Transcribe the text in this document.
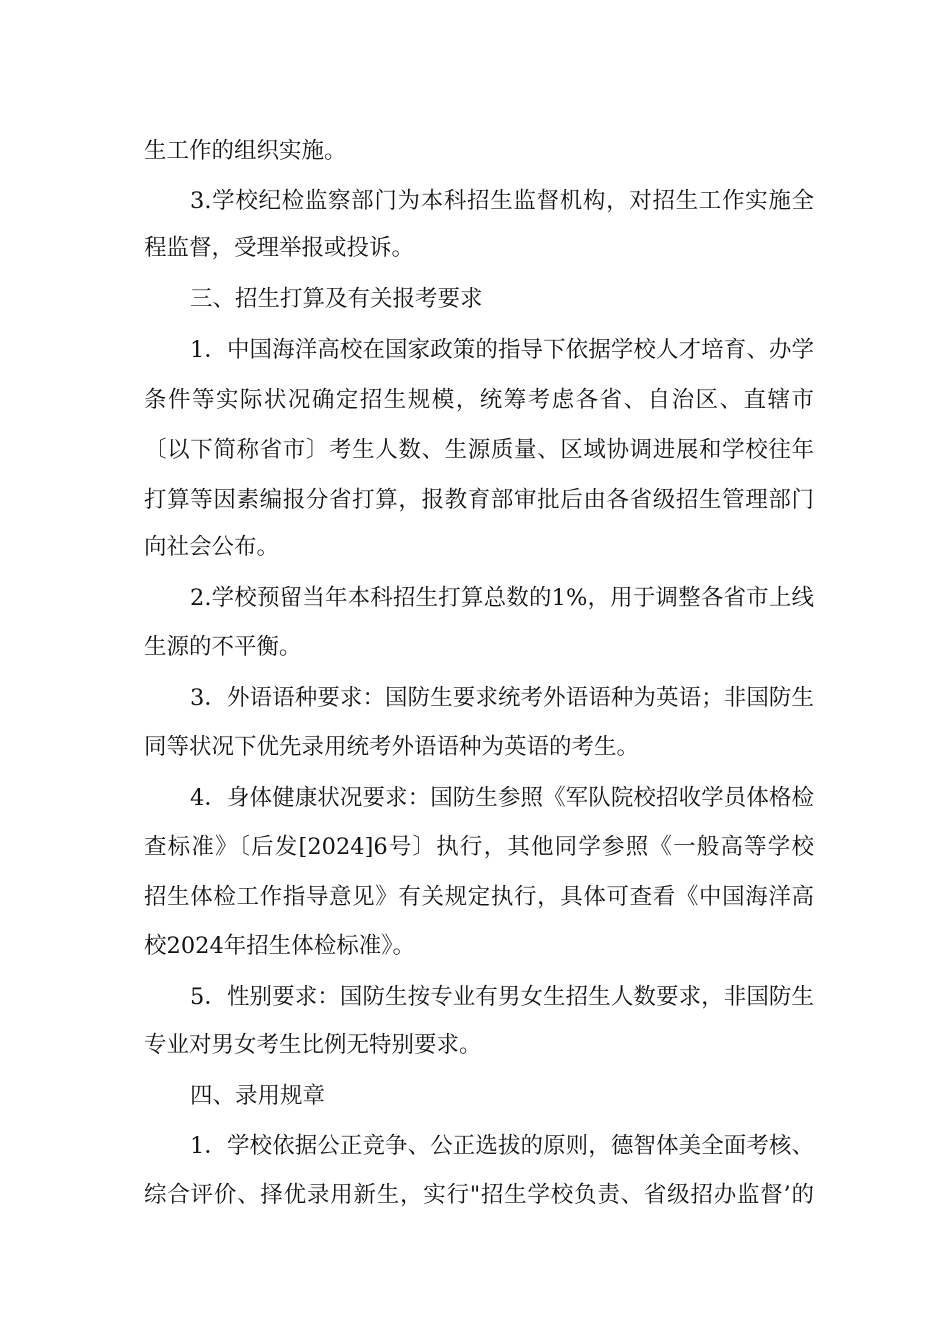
生工作的组织实施。
3.学校纪检监察部门为本科招生监督机构，对招生工作实施全
程监督，受理举报或投诉。
三、招生打算及有关报考要求
1．中国海洋高校在国家政策的指导下依据学校人才培育、办学
条件等实际状况确定招生规模，统筹考虑各省、自治区、直辖市
〔以下简称省市〕考生人数、生源质量、区域协调进展和学校往年
打算等因素编报分省打算，报教育部审批后由各省级招生管理部门
向社会公布。
2.学校预留当年本科招生打算总数的1%，用于调整各省市上线
生源的不平衡。
3．外语语种要求：国防生要求统考外语语种为英语；非国防生
同等状况下优先录用统考外语语种为英语的考生。
4．身体健康状况要求：国防生参照《军队院校招收学员体格检
查标准》〔后发[2024]6号〕执行，其他同学参照《一般高等学校
招生体检工作指导意见》有关规定执行，具体可查看《中国海洋高
校2024年招生体检标准》。
5．性别要求：国防生按专业有男女生招生人数要求，非国防生
专业对男女考生比例无特别要求。
四、录用规章
1．学校依据公正竞争、公正选拔的原则，德智体美全面考核、
综合评价、择优录用新生，实行"招生学校负责、省级招办监督’的
